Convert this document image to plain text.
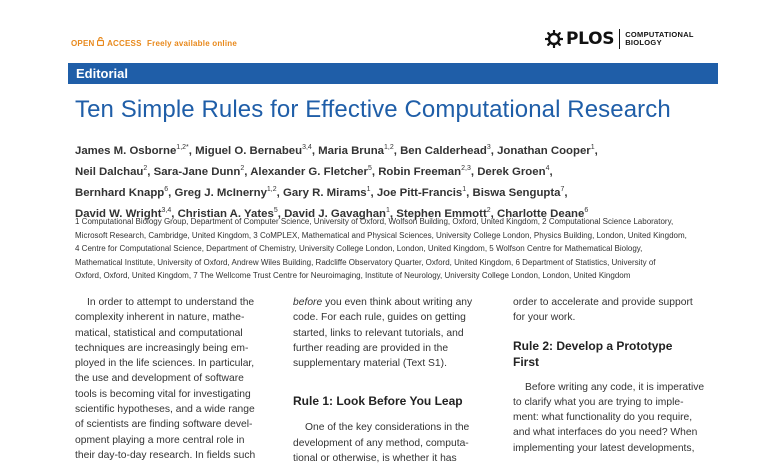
OPEN ACCESS Freely available online	PLOS COMPUTATIONAL
BIOLOGY
Editorial
Ten Simple Rules for Effective Computational Research
James M. Osborne$^{1,2*}$, Miguel O. Bernabeu$^{3,4}$, Maria Bruna$^{1,2}$, Ben Calderhead$^3$, Jonathan Cooper$^1$,
Neil Dalchau$^2$, Sara-Jane Dunn$^2$, Alexander G. Fletcher$^5$, Robin Freeman$^{2,3}$, Derek Groen$^4$,
Bernhard Knapp$^6$, Greg J. McInerny$^{1,2}$, Gary R. Mirams$^1$, Joe Pitt-Francis$^1$, Biswa Sengupta$^7$,
David W. Wright$^{3,4}$, Christian A. Yates$^5$, David J. Gavaghan$^1$, Stephen Emmott$^2$, Charlotte Deane$^6$
1 Computational Biology Group, Department of Computer Science, University of Oxford, Wolfson Building, Oxford, United Kingdom, 2 Computational Science Laboratory,
Microsoft Research, Cambridge, United Kingdom, 3 CoMPLEX, Mathematical and Physical Sciences, University College London, Physics Building, London, United Kingdom,
4 Centre for Computational Science, Department of Chemistry, University College London, London, United Kingdom, 5 Wolfson Centre for Mathematical Biology,
Mathematical Institute, University of Oxford, Andrew Wiles Building, Radcliffe Observatory Quarter, Oxford, United Kingdom, 6 Department of Statistics, University of
Oxford, Oxford, United Kingdom, 7 The Wellcome Trust Centre for Neuroimaging, Institute of Neurology, University College London, London, United Kingdom
In order to attempt to understand the
complexity inherent in nature, mathe-
matical, statistical and computational
techniques are increasingly being em-
ployed in the life sciences. In particular,
the use and development of software
tools is becoming vital for investigating
scientific hypotheses, and a wide range
of scientists are finding software devel-
opment playing a more central role in
their day-to-day research. In fields such
before you even think about writing any
code. For each rule, guides on getting
started, links to relevant tutorials, and
further reading are provided in the
supplementary material (Text S1).
Rule 1: Look Before You Leap
One of the key considerations in the
development of any method, computa-
tional or otherwise, is whether it has
order to accelerate and provide support
for your work.
Rule 2: Develop a Prototype
First
Before writing any code, it is imperative
to clarify what you are trying to imple-
ment: what functionality do you require,
and what interfaces do you need? When
implementing your latest developments,
